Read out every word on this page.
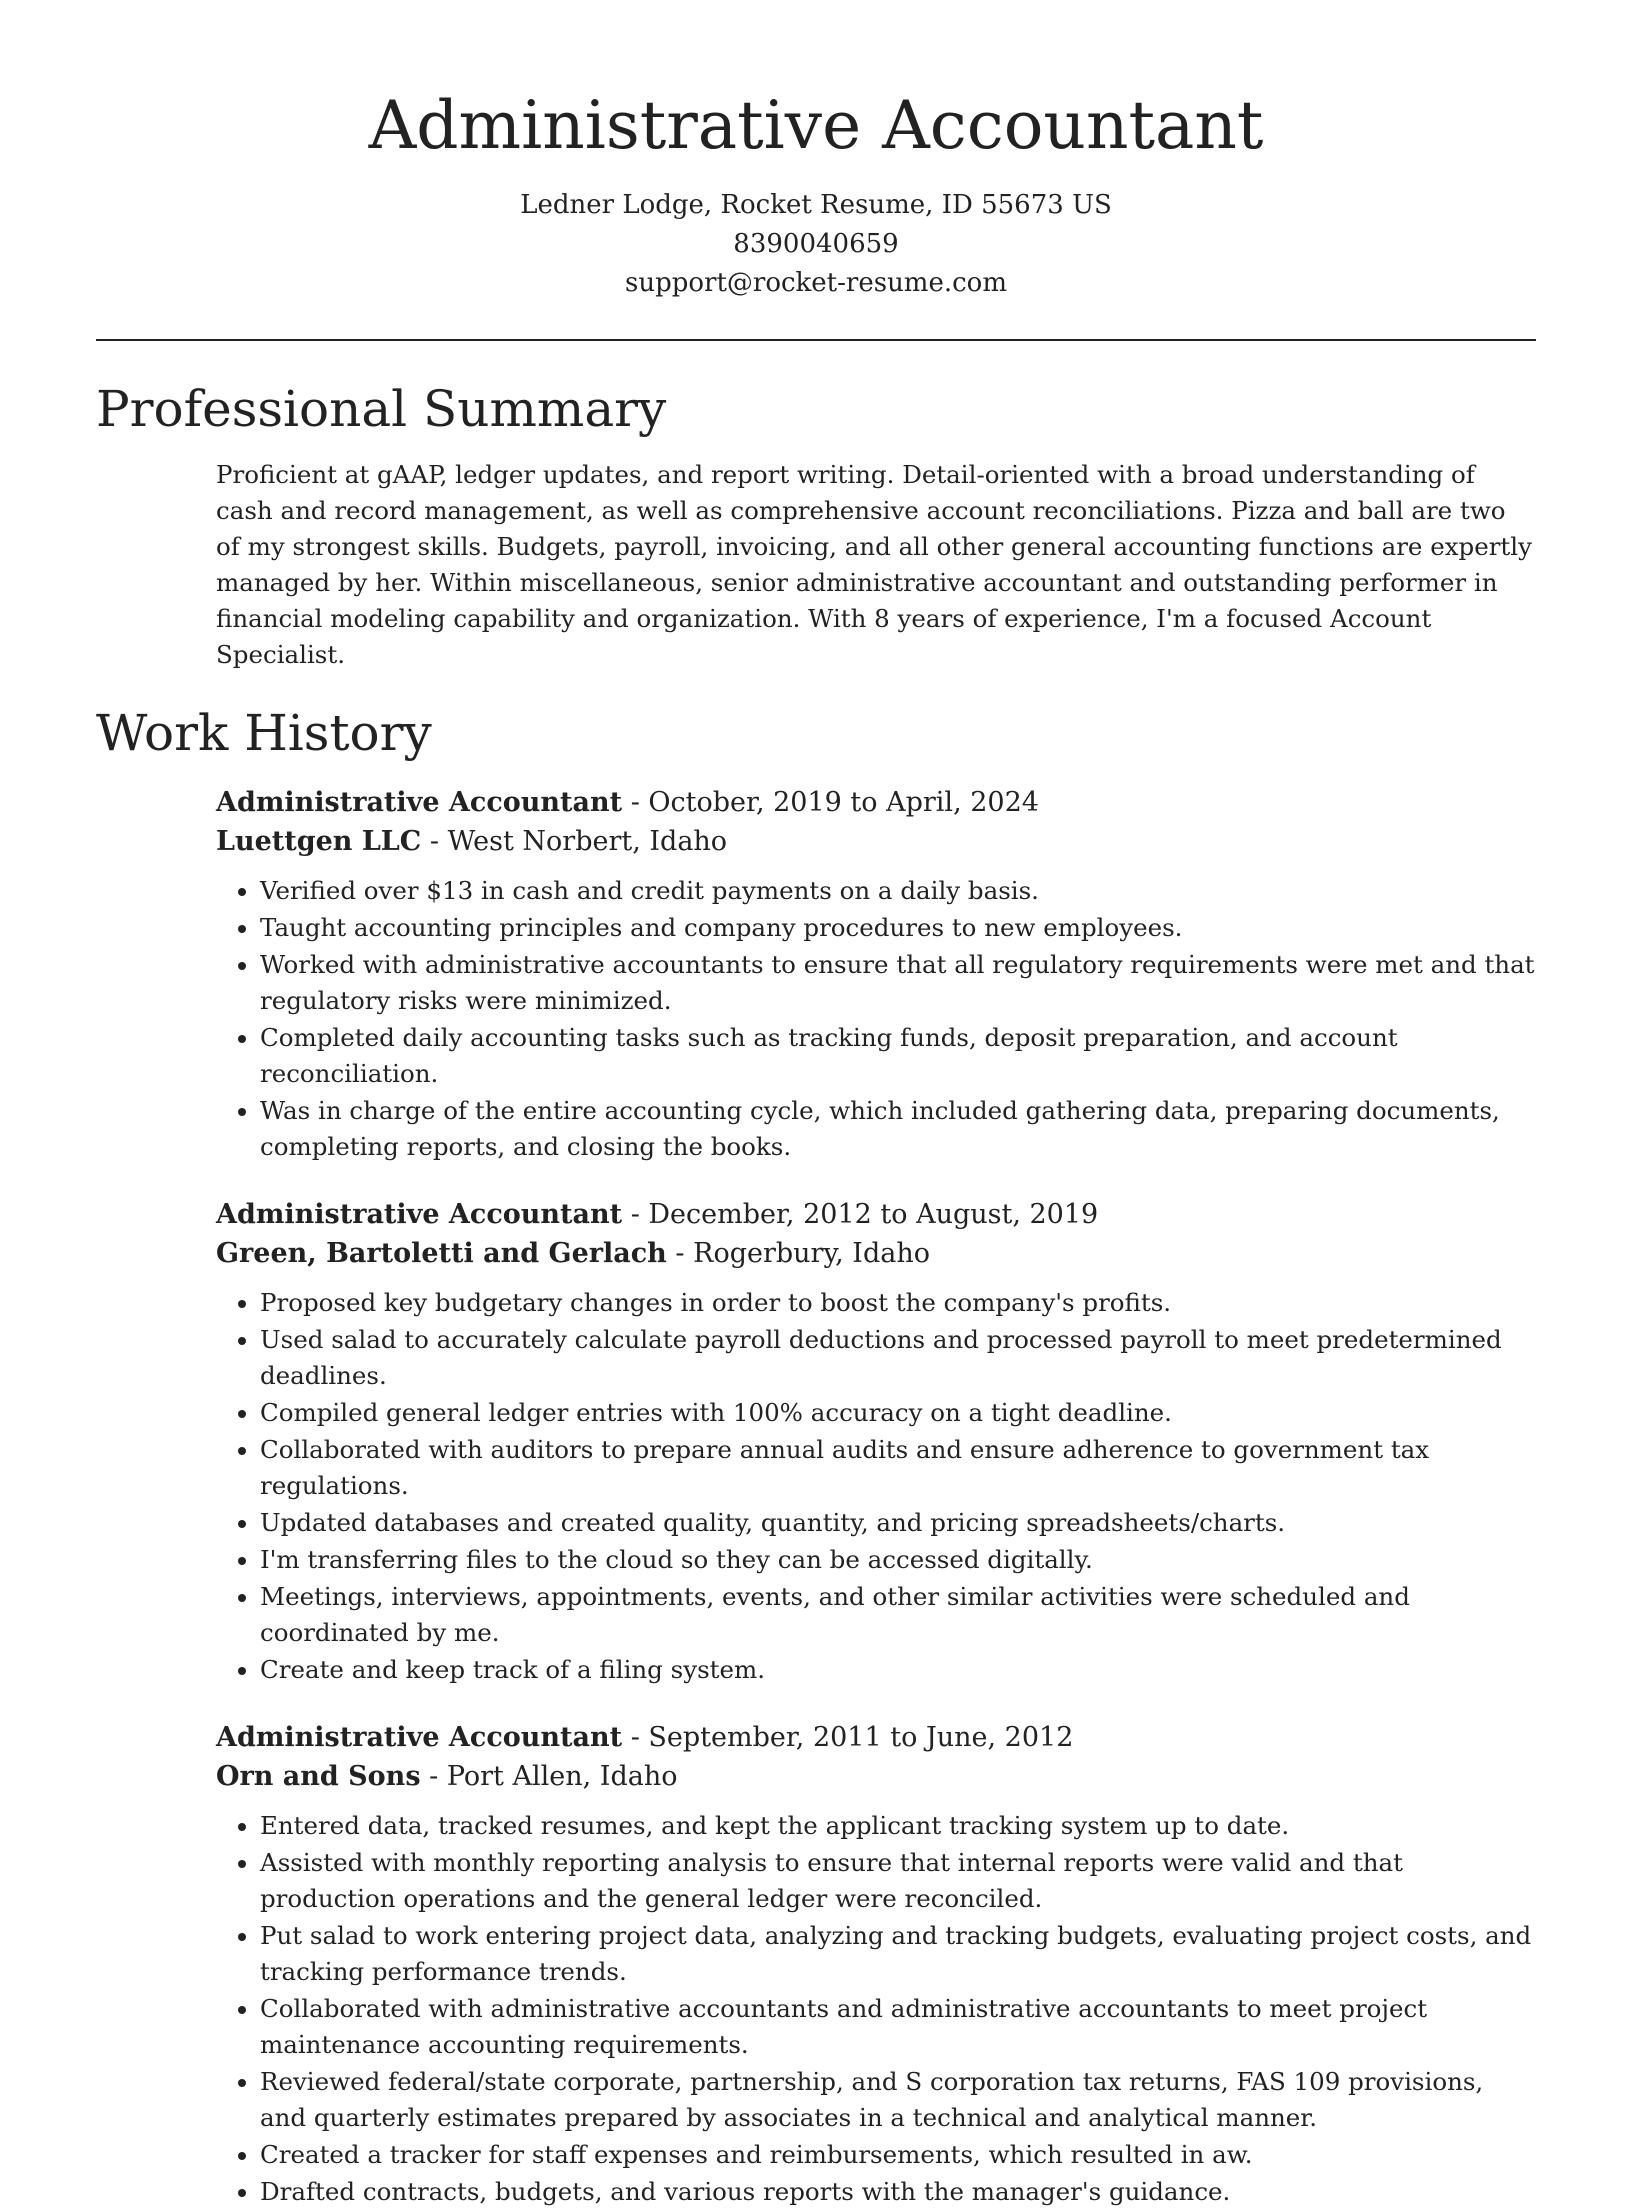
Administrative Accountant
Ledner Lodge, Rocket Resume, ID 55673 US
8390040659
support@rocket-resume.com
Professional Summary

Proficient at gAAP, ledger updates, and report writing. Detail-oriented with a broad understanding of cash and record management, as well as comprehensive account reconciliations. Pizza and ball are two of my strongest skills. Budgets, payroll, invoicing, and all other general accounting functions are expertly managed by her. Within miscellaneous, senior administrative accountant and outstanding performer in financial modeling capability and organization. With 8 years of experience, I'm a focused Account Specialist.

Work History
Administrative Accountant - October, 2019 to April, 2024
Luettgen LLC - West Norbert, Idaho
• Verified over $13 in cash and credit payments on a daily basis.
• Taught accounting principles and company procedures to new employees.
• Worked with administrative accountants to ensure that all regulatory requirements were met and that regulatory risks were minimized.
• Completed daily accounting tasks such as tracking funds, deposit preparation, and account reconciliation.
• Was in charge of the entire accounting cycle, which included gathering data, preparing documents, completing reports, and closing the books.
Administrative Accountant - December, 2012 to August, 2019
Green, Bartoletti and Gerlach - Rogerbury, Idaho
• Proposed key budgetary changes in order to boost the company's profits.
• Used salad to accurately calculate payroll deductions and processed payroll to meet predetermined deadlines.
• Compiled general ledger entries with 100% accuracy on a tight deadline.
• Collaborated with auditors to prepare annual audits and ensure adherence to government tax regulations.
• Updated databases and created quality, quantity, and pricing spreadsheets/charts.
• I'm transferring files to the cloud so they can be accessed digitally.
• Meetings, interviews, appointments, events, and other similar activities were scheduled and coordinated by me.
• Create and keep track of a filing system.
Administrative Accountant - September, 2011 to June, 2012
Orn and Sons - Port Allen, Idaho
• Entered data, tracked resumes, and kept the applicant tracking system up to date.
• Assisted with monthly reporting analysis to ensure that internal reports were valid and that production operations and the general ledger were reconciled.
• Put salad to work entering project data, analyzing and tracking budgets, evaluating project costs, and tracking performance trends.
• Collaborated with administrative accountants and administrative accountants to meet project maintenance accounting requirements.
• Reviewed federal/state corporate, partnership, and S corporation tax returns, FAS 109 provisions, and quarterly estimates prepared by associates in a technical and analytical manner.
• Created a tracker for staff expenses and reimbursements, which resulted in aw.
• Drafted contracts, budgets, and various reports with the manager's guidance.
